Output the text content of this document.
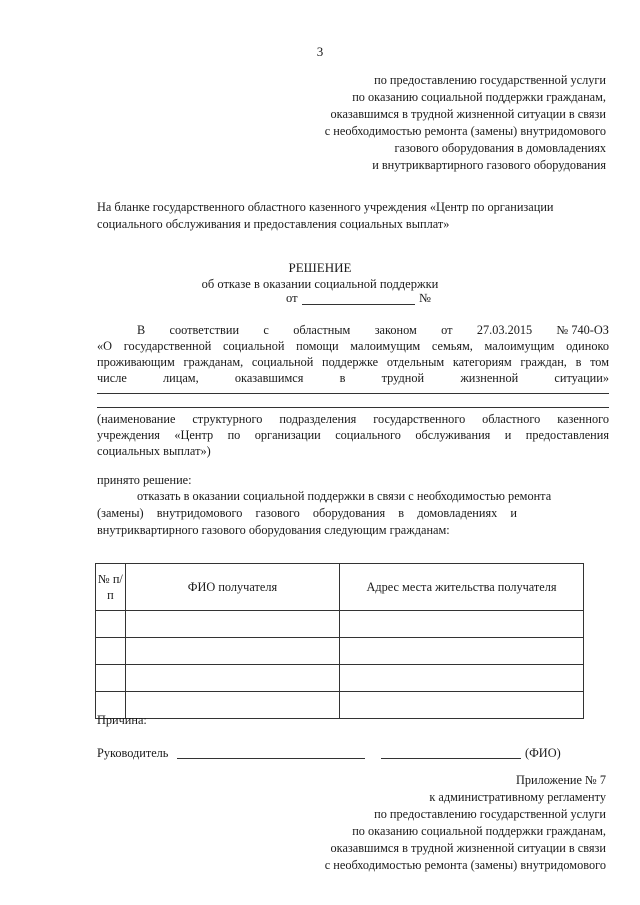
3
по предоставлению государственной услуги
по оказанию социальной поддержки гражданам,
оказавшимся в трудной жизненной ситуации в связи
с необходимостью ремонта (замены) внутридомового
газового оборудования в домовладениях
и внутриквартирного газового оборудования
На бланке государственного областного казенного учреждения «Центр по организации
социального обслуживания и предоставления социальных выплат»
РЕШЕНИЕ
об отказе в оказании социальной поддержки
от	№
В соответствии с областным законом от 27.03.2015 № 740-ОЗ
«О государственной социальной помощи малоимущим семьям, малоимущим одиноко
проживающим гражданам, социальной поддержке отдельным категориям граждан, в том
числе лицам, оказавшимся в трудной жизненной ситуации»
(наименование структурного подразделения государственного областного казенного
учреждения «Центр по организации социального обслуживания и предоставления
социальных выплат»)
принято решение:
отказать в оказании социальной поддержки в связи с необходимостью ремонта
(замены) внутридомового газового оборудования в домовладениях и
внутриквартирного газового оборудования следующим гражданам:
№ п/п	ФИО получателя	Адрес места жительства получателя

Причина:
Руководитель	(ФИО)
Приложение № 7
к административному регламенту
по предоставлению государственной услуги
по оказанию социальной поддержки гражданам,
оказавшимся в трудной жизненной ситуации в связи
с необходимостью ремонта (замены) внутридомового
